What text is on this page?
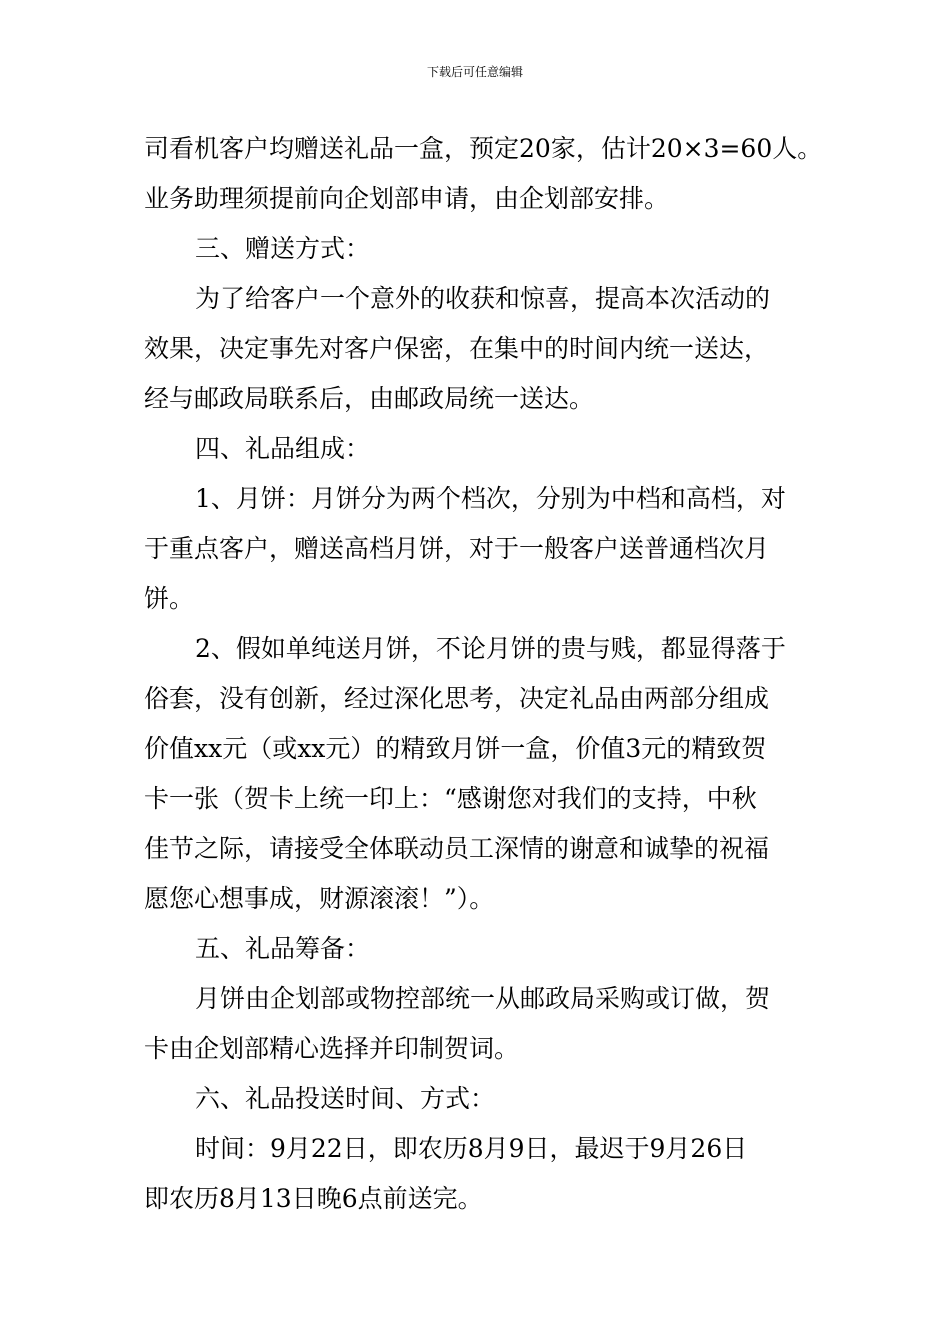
下载后可任意编辑
司看机客户均赠送礼品一盒，预定20家，估计20×3=60人。
业务助理须提前向企划部申请，由企划部安排。
三、赠送方式：
为了给客户一个意外的收获和惊喜，提高本次活动的
效果，决定事先对客户保密，在集中的时间内统一送达，
经与邮政局联系后，由邮政局统一送达。
四、礼品组成：
1、月饼：月饼分为两个档次，分别为中档和高档，对
于重点客户，赠送高档月饼，对于一般客户送普通档次月
饼。
2、假如单纯送月饼，不论月饼的贵与贱，都显得落于
俗套，没有创新，经过深化思考，决定礼品由两部分组成
价值xx元（或xx元）的精致月饼一盒，价值3元的精致贺
卡一张（贺卡上统一印上：“感谢您对我们的支持，中秋
佳节之际，请接受全体联动员工深情的谢意和诚挚的祝福
愿您心想事成，财源滚滚！”）。
五、礼品筹备：
月饼由企划部或物控部统一从邮政局采购或订做，贺
卡由企划部精心选择并印制贺词。
六、礼品投送时间、方式：
时间：9月22日，即农历8月9日，最迟于9月26日
即农历8月13日晚6点前送完。
